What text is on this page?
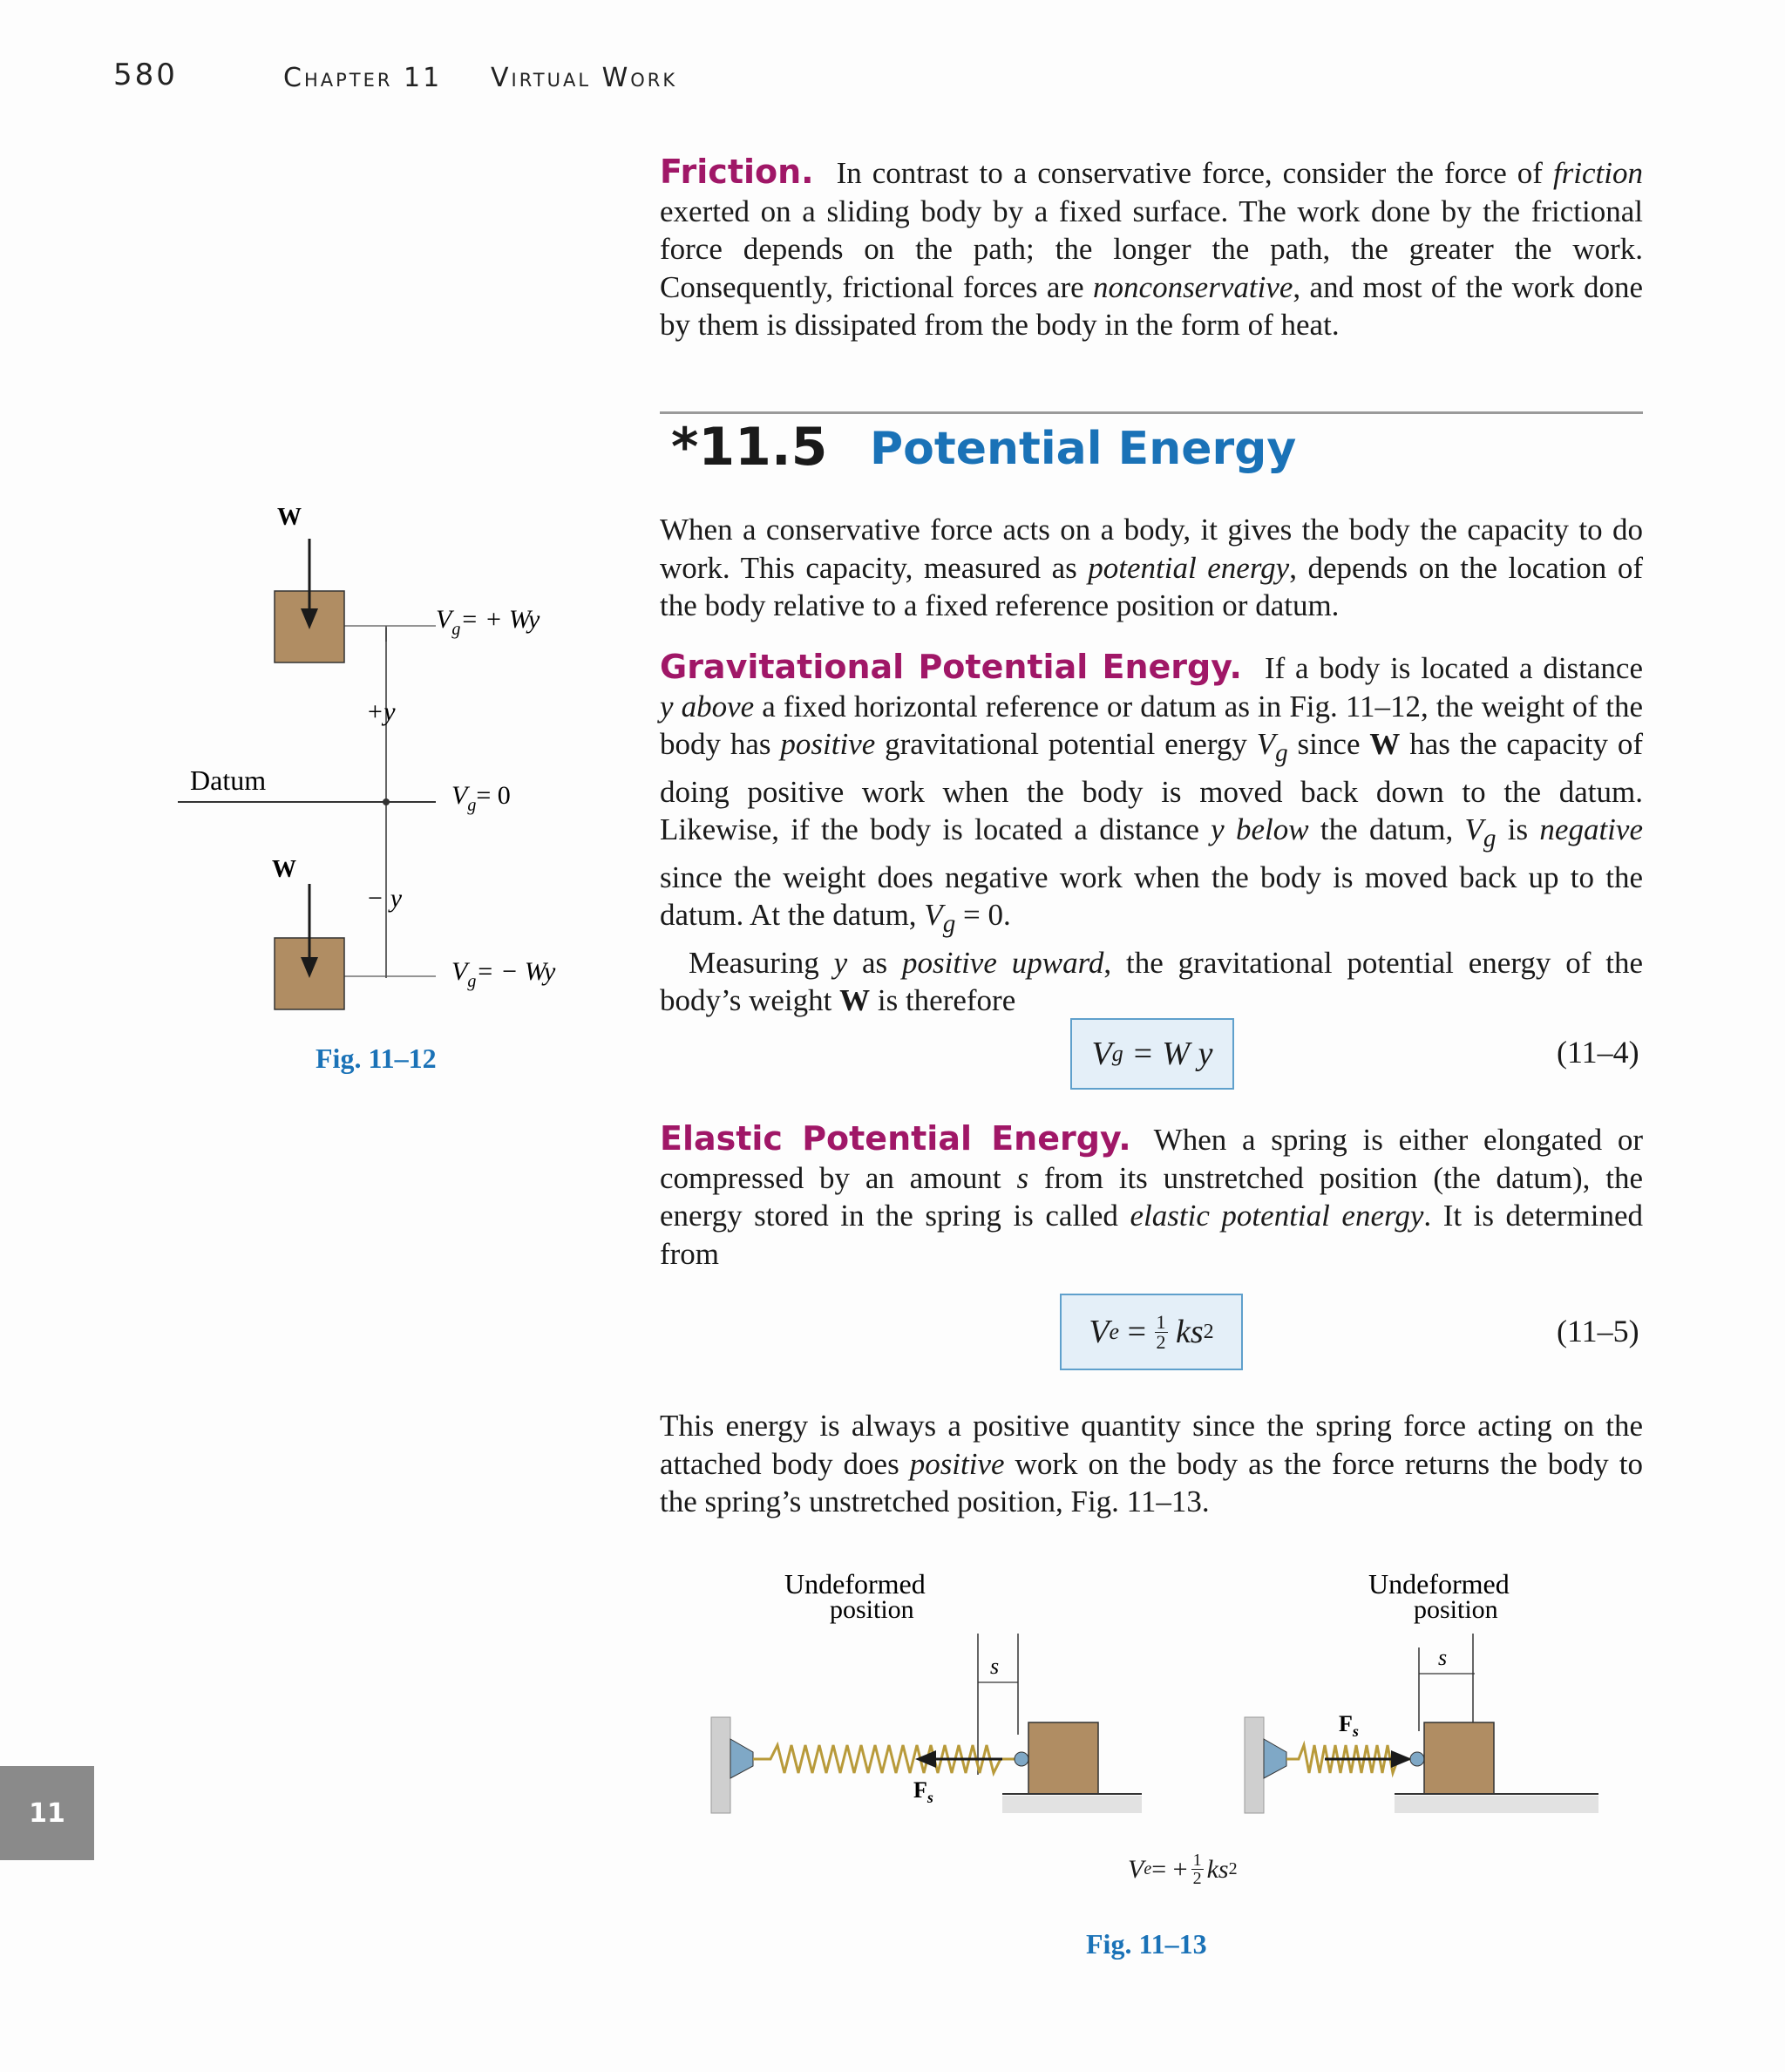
580	Chapter 11 Virtual Work

Friction. In contrast to a conservative force, consider the force of friction exerted on a sliding body by a fixed surface. The work done by the frictional force depends on the path; the longer the path, the greater the work. Consequently, frictional forces are nonconservative, and most of the work done by them is dissipated from the body in the form of heat.

*11.5 Potential Energy

When a conservative force acts on a body, it gives the body the capacity to do work. This capacity, measured as potential energy, depends on the location of the body relative to a fixed reference position or datum.

Gravitational Potential Energy. If a body is located a distance y above a fixed horizontal reference or datum as in Fig. 11–12, the weight of the body has positive gravitational potential energy $V_g$ since W has the capacity of doing positive work when the body is moved back down to the datum. Likewise, if the body is located a distance y below the datum, $V_g$ is negative since the weight does negative work when the body is moved back up to the datum. At the datum, $V_g = 0$.

Measuring y as positive upward, the gravitational potential energy of the body’s weight W is therefore

V g
= W y	(11–4)

Elastic Potential Energy. When a spring is either elongated or compressed by an amount s from its unstretched position (the datum), the energy stored in the spring is called elastic potential energy. It is determined from

V e
=
$\frac{1}{2}$
ks 2	(11–5)

This energy is always a positive quantity since the spring force acting on the attached body does positive work on the body as the force returns the body to the spring’s unstretched position, Fig. 11–13.

W
W
Datum
+y
− y
$V_g= + Wy$
$V_g= 0$
$V_g= - Wy$
Fig. 11–12
Undeformed
position
s
$F_s$
Undeformed
position
s
$F_s$
V e = + $\frac{1}{2}$ ks 2
Fig. 11–13
11
